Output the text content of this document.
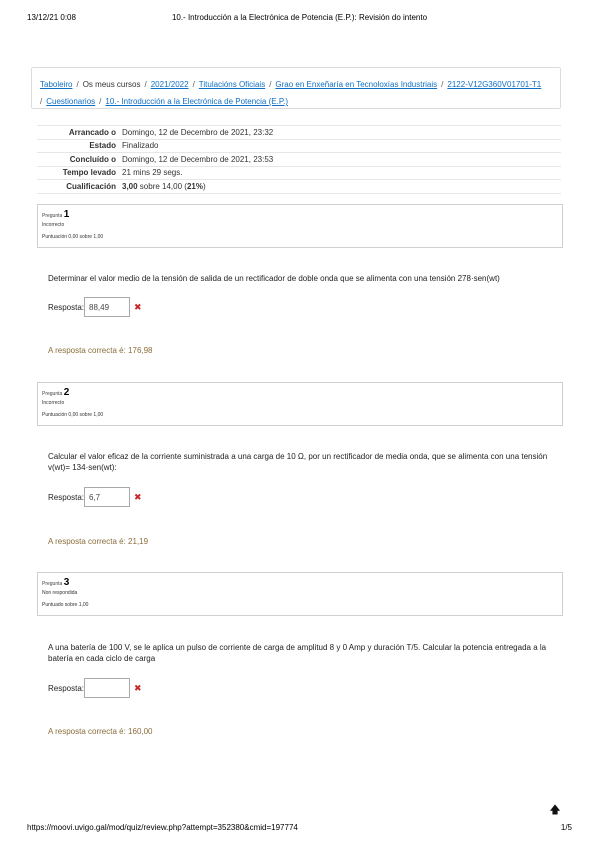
13/12/21 0:08	10.- Introducción a la Electrónica de Potencia (E.P.): Revisión do intento
Taboleiro / Os meus cursos / 2021/2022 / Titulacións Oficiais / Grao en Enxeñaría en Tecnoloxías Industriais / 2122-V12G360V01701-T1
/ Cuestionarios / 10.- Introducción a la Electrónica de Potencia (E.P.)
Arrancado o	Domingo, 12 de Decembro de 2021, 23:32
Estado	Finalizado
Concluído o	Domingo, 12 de Decembro de 2021, 23:53
Tempo levado	21 mins 29 segs.
Cualificación	3,00 sobre 14,00 (21%)
Pregunta 1
Incorrecto
Puntuación 0,00 sobre 1,00
Determinar el valor medio de la tensión de salida de un rectificador de doble onda que se alimenta con una tensión 278·sen(wt)
Resposta: 88,49	✖
A resposta correcta é: 176,98
Pregunta 2
Incorrecto
Puntuación 0,00 sobre 1,00
Calcular el valor eficaz de la corriente suministrada a una carga de 10 Ω, por un rectificador de media onda, que se alimenta con una tensión v(wt)= 134·sen(wt):
Resposta: 6,7	✖
A resposta correcta é: 21,19
Pregunta 3
Non respondida
Puntuado sobre 1,00
A una batería de 100 V, se le aplica un pulso de corriente de carga de amplitud 8 y 0 Amp y duración T/5. Calcular la potencia entregada a la batería en cada ciclo de carga
Resposta:	✖
A resposta correcta é: 160,00
🡅
https://moovi.uvigo.gal/mod/quiz/review.php?attempt=352380&cmid=197774	1/5
